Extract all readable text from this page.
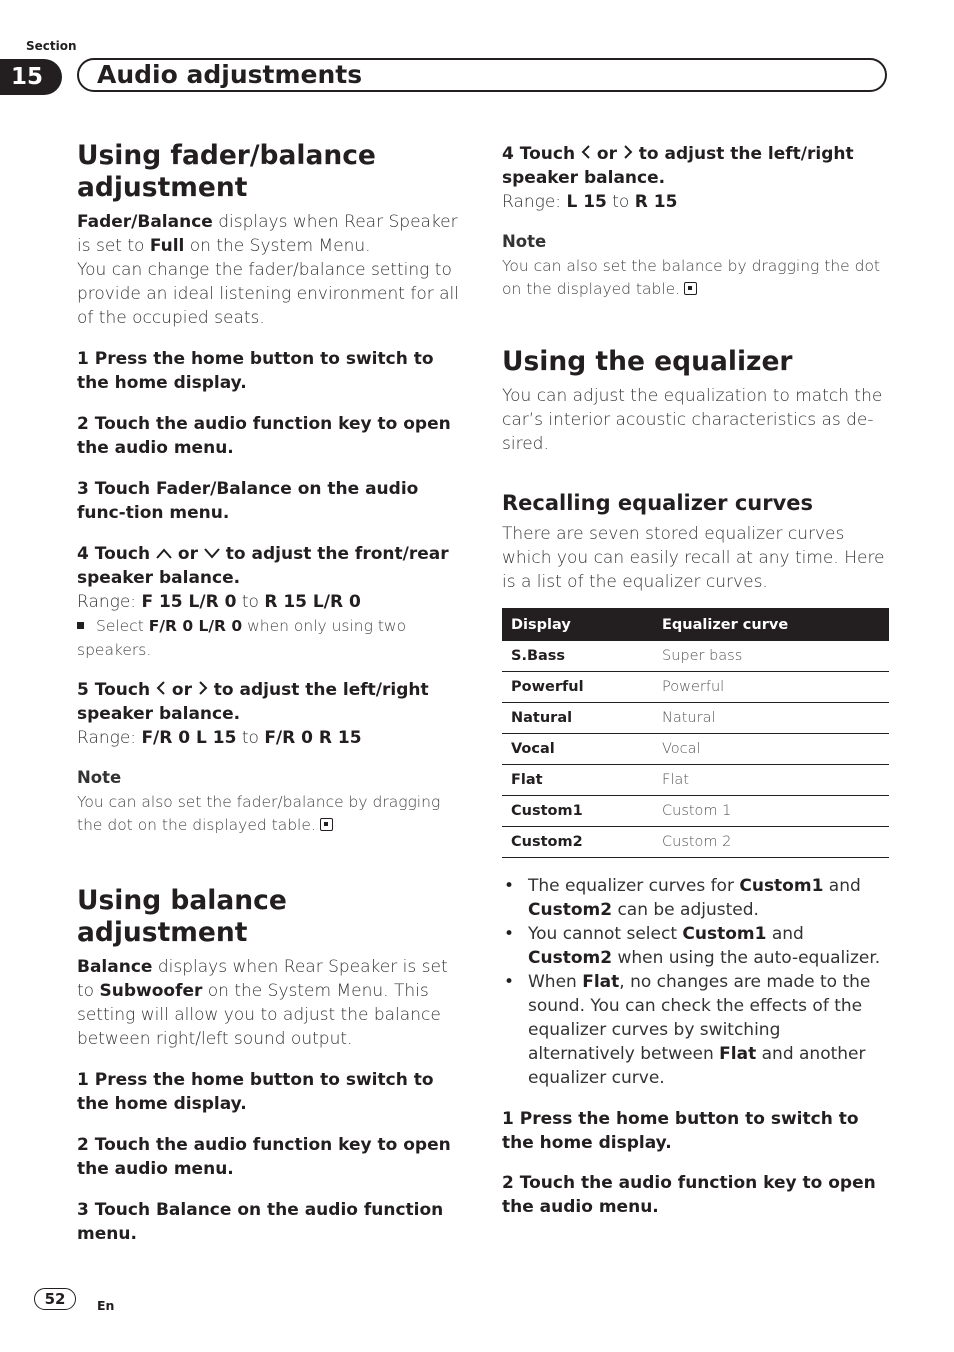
Section
15	Audio adjustments
Using fader/balance adjustment

Fader/Balance displays when Rear Speaker is set to Full on the System Menu.

You can change the fader/balance setting to provide an ideal listening environment for all of the occupied seats.

1 Press the home button to switch to the home display.

2 Touch the audio function key to open the audio menu.

3 Touch Fader/Balance on the audio func-tion menu.

4 Touch  or  to adjust the front/rear speaker balance.

Range: F 15 L/R 0 to R 15 L/R 0

Select F/R 0 L/R 0 when only using two speakers.

5 Touch  or  to adjust the left/right speaker balance.

Range: F/R 0 L 15 to F/R 0 R 15

Note

You can also set the fader/balance by dragging the dot on the displayed table.

Using balance adjustment

Balance displays when Rear Speaker is set to Subwoofer on the System Menu. This setting will allow you to adjust the balance between right/left sound output.

1 Press the home button to switch to the home display.

2 Touch the audio function key to open the audio menu.

3 Touch Balance on the audio function menu.

4 Touch  or  to adjust the left/right speaker balance.

Range: L 15 to R 15

Note

You can also set the balance by dragging the dot on the displayed table.

Using the equalizer

You can adjust the equalization to match the car’s interior acoustic characteristics as de-sired.

Recalling equalizer curves

There are seven stored equalizer curves which you can easily recall at any time. Here is a list of the equalizer curves.

Display	Equalizer curve
S.Bass	Super bass
Powerful	Powerful
Natural	Natural
Vocal	Vocal
Flat	Flat
Custom1	Custom 1
Custom2	Custom 2
• The equalizer curves for Custom1 and Custom2 can be adjusted.
• You cannot select Custom1 and Custom2 when using the auto-equalizer.
• When Flat, no changes are made to the sound. You can check the effects of the equalizer curves by switching alternatively between Flat and another equalizer curve.

1 Press the home button to switch to the home display.

2 Touch the audio function key to open the audio menu.

52	En
